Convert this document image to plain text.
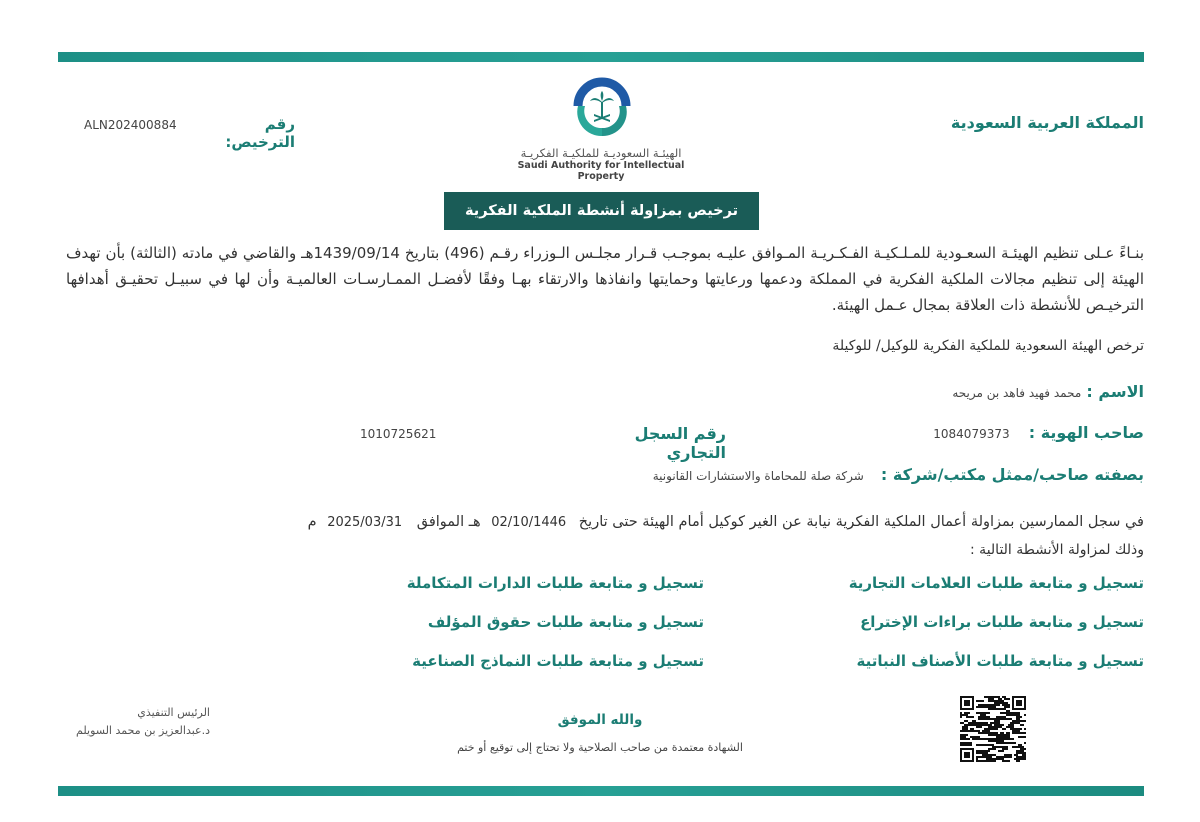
المملكة العربية السعودية
رقم الترخيص:
ALN202400884
الهيئـة السعوديـة للملكيـة الفكريـة
Saudi Authority for Intellectual Property
ترخيص بمزاولة أنشطة الملكية الفكرية
بنـاءً عـلى تنظيم الهيئـة السعـودية للمـلـكيـة الفـكـريـة المـوافق عليـه بموجـب قـرار مجلـس الـوزراء رقـم (496) بتاريخ 1439/09/14هـ والقاضي في مادته (الثالثة) بأن تهدف الهيئة إلى تنظيم مجالات الملكية الفكرية في المملكة ودعمها ورعايتها وحمايتها وانفاذها والارتقاء بهـا وفقًا لأفضـل الممـارسـات العالميـة وأن لها في سبيـل تحقيـق أهدافها الترخيـص للأنشطة ذات العلاقة بمجال عـمل الهيئة.
ترخص الهيئة السعودية للملكية الفكرية للوكيل/ للوكيلة
الاسم : محمد فهيد فاهد بن مريحه
صاحب الهوية : 1084079373
رقم السجل التجاري
1010725621
بصفته صاحب/ممثل مكتب/شركة : شركة صلة للمحاماة والاستشارات القانونية
في سجل الممارسين بمزاولة أعمال الملكية الفكرية نيابة عن الغير كوكيل أمام الهيئة حتى تاريخ 02/10/1446 هـ الموافق 2025/03/31 م
وذلك لمزاولة الأنشطة التالية :
تسجيل و متابعة طلبات العلامات التجارية
تسجيل و متابعة طلبات الدارات المتكاملة
تسجيل و متابعة طلبات براءات الإختراع
تسجيل و متابعة طلبات حقوق المؤلف
تسجيل و متابعة طلبات الأصناف النباتية
تسجيل و متابعة طلبات النماذج الصناعية
الرئيس التنفيذي
د.عبدالعزيز بن محمد السويلم
والله الموفق
الشهادة معتمدة من صاحب الصلاحية ولا تحتاج إلى توقيع أو ختم
